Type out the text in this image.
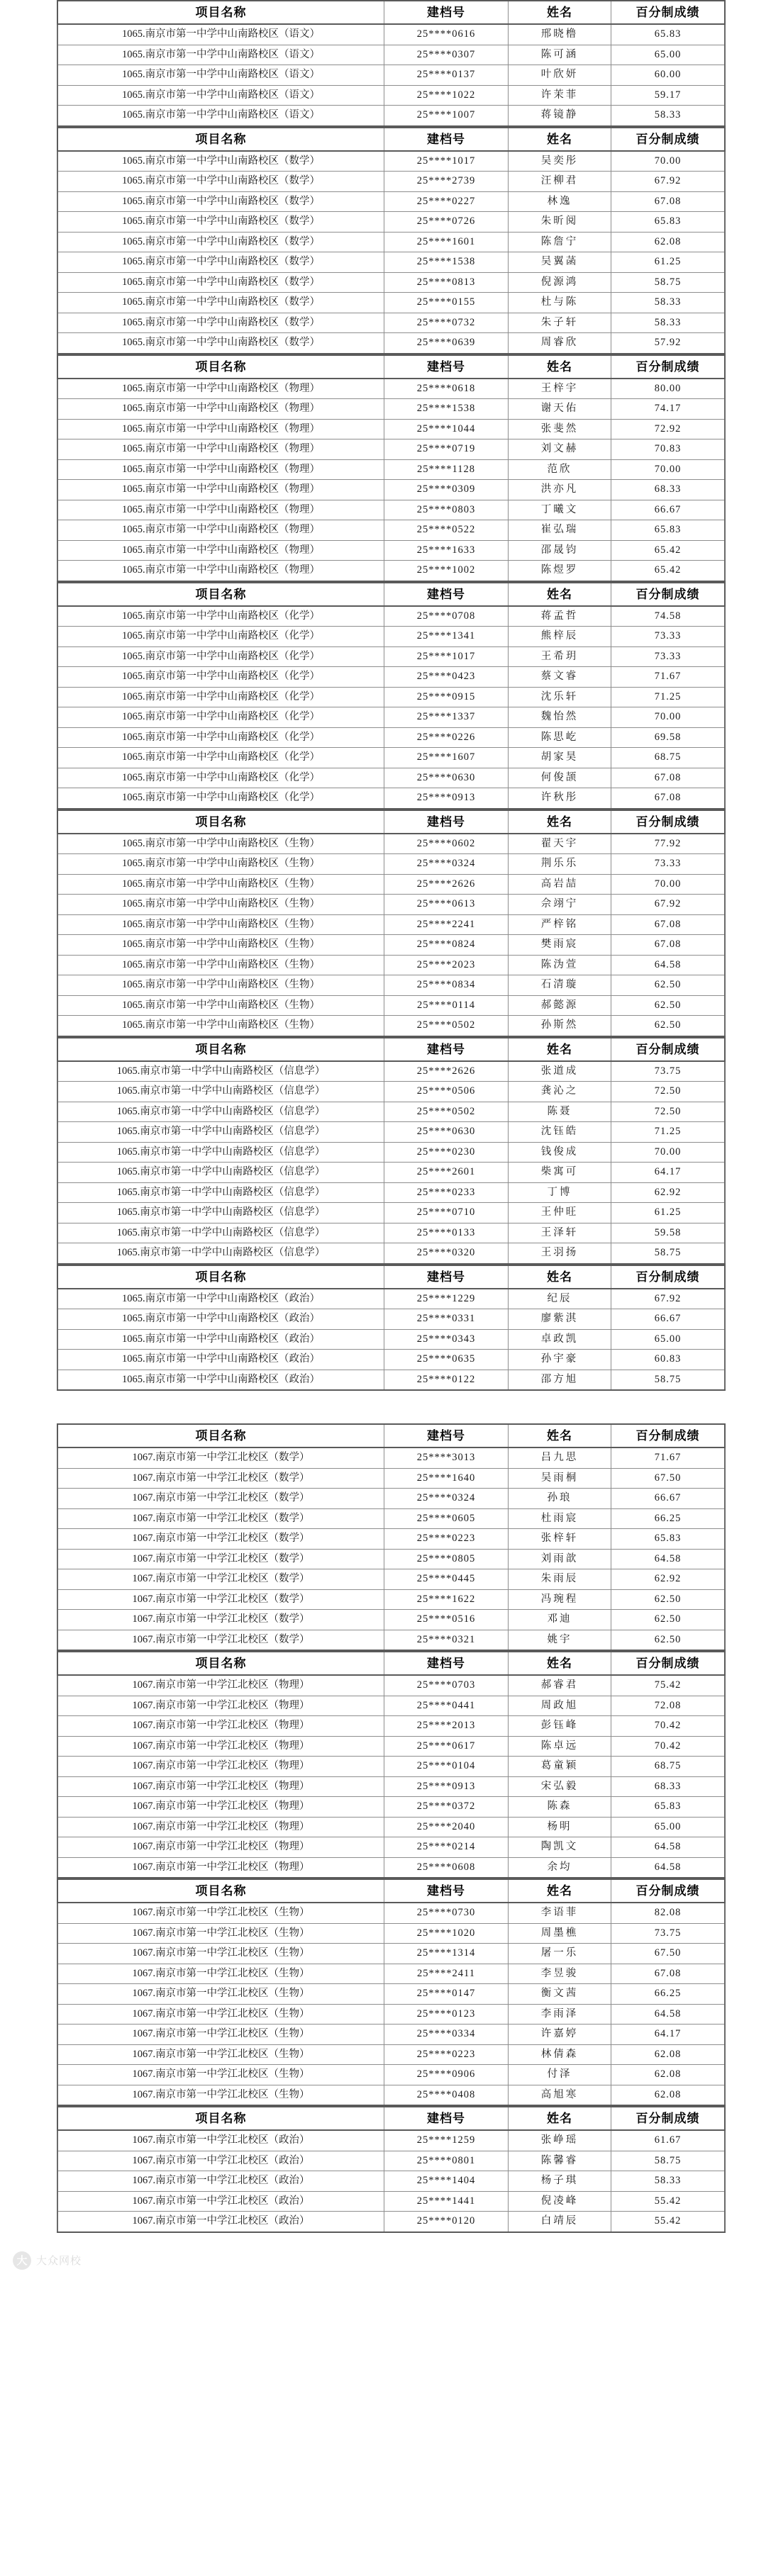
项目名称	建档号	姓名	百分制成绩
1065.南京市第一中学中山南路校区（语文）	25****0616	邢晓橹	65.83
1065.南京市第一中学中山南路校区（语文）	25****0307	陈可涵	65.00
1065.南京市第一中学中山南路校区（语文）	25****0137	叶欣妍	60.00
1065.南京市第一中学中山南路校区（语文）	25****1022	许茉菲	59.17
1065.南京市第一中学中山南路校区（语文）	25****1007	蒋镜静	58.33
项目名称	建档号	姓名	百分制成绩
1065.南京市第一中学中山南路校区（数学）	25****1017	吴奕彤	70.00
1065.南京市第一中学中山南路校区（数学）	25****2739	汪柳君	67.92
1065.南京市第一中学中山南路校区（数学）	25****0227	林逸	67.08
1065.南京市第一中学中山南路校区（数学）	25****0726	朱昕阅	65.83
1065.南京市第一中学中山南路校区（数学）	25****1601	陈詹宁	62.08
1065.南京市第一中学中山南路校区（数学）	25****1538	吴翼菡	61.25
1065.南京市第一中学中山南路校区（数学）	25****0813	倪源鸿	58.75
1065.南京市第一中学中山南路校区（数学）	25****0155	杜与陈	58.33
1065.南京市第一中学中山南路校区（数学）	25****0732	朱子轩	58.33
1065.南京市第一中学中山南路校区（数学）	25****0639	周睿欣	57.92
项目名称	建档号	姓名	百分制成绩
1065.南京市第一中学中山南路校区（物理）	25****0618	王梓宇	80.00
1065.南京市第一中学中山南路校区（物理）	25****1538	谢天佑	74.17
1065.南京市第一中学中山南路校区（物理）	25****1044	张斐然	72.92
1065.南京市第一中学中山南路校区（物理）	25****0719	刘文赫	70.83
1065.南京市第一中学中山南路校区（物理）	25****1128	范欣	70.00
1065.南京市第一中学中山南路校区（物理）	25****0309	洪亦凡	68.33
1065.南京市第一中学中山南路校区（物理）	25****0803	丁曦文	66.67
1065.南京市第一中学中山南路校区（物理）	25****0522	崔弘瑞	65.83
1065.南京市第一中学中山南路校区（物理）	25****1633	邵晟钧	65.42
1065.南京市第一中学中山南路校区（物理）	25****1002	陈煜罗	65.42
项目名称	建档号	姓名	百分制成绩
1065.南京市第一中学中山南路校区（化学）	25****0708	蒋孟哲	74.58
1065.南京市第一中学中山南路校区（化学）	25****1341	熊梓辰	73.33
1065.南京市第一中学中山南路校区（化学）	25****1017	王希玥	73.33
1065.南京市第一中学中山南路校区（化学）	25****0423	蔡文睿	71.67
1065.南京市第一中学中山南路校区（化学）	25****0915	沈乐轩	71.25
1065.南京市第一中学中山南路校区（化学）	25****1337	魏怡然	70.00
1065.南京市第一中学中山南路校区（化学）	25****0226	陈思屹	69.58
1065.南京市第一中学中山南路校区（化学）	25****1607	胡家昊	68.75
1065.南京市第一中学中山南路校区（化学）	25****0630	何俊颉	67.08
1065.南京市第一中学中山南路校区（化学）	25****0913	许秋彤	67.08
项目名称	建档号	姓名	百分制成绩
1065.南京市第一中学中山南路校区（生物）	25****0602	翟天宇	77.92
1065.南京市第一中学中山南路校区（生物）	25****0324	荆乐乐	73.33
1065.南京市第一中学中山南路校区（生物）	25****2626	高岩喆	70.00
1065.南京市第一中学中山南路校区（生物）	25****0613	佘翊宁	67.92
1065.南京市第一中学中山南路校区（生物）	25****2241	严梓铭	67.08
1065.南京市第一中学中山南路校区（生物）	25****0824	樊雨宸	67.08
1065.南京市第一中学中山南路校区（生物）	25****2023	陈沩萱	64.58
1065.南京市第一中学中山南路校区（生物）	25****0834	石清璇	62.50
1065.南京市第一中学中山南路校区（生物）	25****0114	郝懿源	62.50
1065.南京市第一中学中山南路校区（生物）	25****0502	孙斯然	62.50
项目名称	建档号	姓名	百分制成绩
1065.南京市第一中学中山南路校区（信息学）	25****2626	张道成	73.75
1065.南京市第一中学中山南路校区（信息学）	25****0506	龚沁之	72.50
1065.南京市第一中学中山南路校区（信息学）	25****0502	陈聂	72.50
1065.南京市第一中学中山南路校区（信息学）	25****0630	沈钰皓	71.25
1065.南京市第一中学中山南路校区（信息学）	25****0230	钱俊成	70.00
1065.南京市第一中学中山南路校区（信息学）	25****2601	柴寓可	64.17
1065.南京市第一中学中山南路校区（信息学）	25****0233	丁博	62.92
1065.南京市第一中学中山南路校区（信息学）	25****0710	王仲旺	61.25
1065.南京市第一中学中山南路校区（信息学）	25****0133	王泽轩	59.58
1065.南京市第一中学中山南路校区（信息学）	25****0320	王羽扬	58.75
项目名称	建档号	姓名	百分制成绩
1065.南京市第一中学中山南路校区（政治）	25****1229	纪辰	67.92
1065.南京市第一中学中山南路校区（政治）	25****0331	廖紫淇	66.67
1065.南京市第一中学中山南路校区（政治）	25****0343	卓政凯	65.00
1065.南京市第一中学中山南路校区（政治）	25****0635	孙宇豪	60.83
1065.南京市第一中学中山南路校区（政治）	25****0122	邵方旭	58.75
项目名称	建档号	姓名	百分制成绩
1067.南京市第一中学江北校区（数学）	25****3013	吕九思	71.67
1067.南京市第一中学江北校区（数学）	25****1640	吴雨桐	67.50
1067.南京市第一中学江北校区（数学）	25****0324	孙琅	66.67
1067.南京市第一中学江北校区（数学）	25****0605	杜雨宸	66.25
1067.南京市第一中学江北校区（数学）	25****0223	张梓轩	65.83
1067.南京市第一中学江北校区（数学）	25****0805	刘雨歆	64.58
1067.南京市第一中学江北校区（数学）	25****0445	朱雨辰	62.92
1067.南京市第一中学江北校区（数学）	25****1622	冯琬程	62.50
1067.南京市第一中学江北校区（数学）	25****0516	邓迪	62.50
1067.南京市第一中学江北校区（数学）	25****0321	姚宇	62.50
项目名称	建档号	姓名	百分制成绩
1067.南京市第一中学江北校区（物理）	25****0703	郝睿君	75.42
1067.南京市第一中学江北校区（物理）	25****0441	周政旭	72.08
1067.南京市第一中学江北校区（物理）	25****2013	彭钰峰	70.42
1067.南京市第一中学江北校区（物理）	25****0617	陈卓远	70.42
1067.南京市第一中学江北校区（物理）	25****0104	葛童颖	68.75
1067.南京市第一中学江北校区（物理）	25****0913	宋弘毅	68.33
1067.南京市第一中学江北校区（物理）	25****0372	陈森	65.83
1067.南京市第一中学江北校区（物理）	25****2040	杨明	65.00
1067.南京市第一中学江北校区（物理）	25****0214	陶凯文	64.58
1067.南京市第一中学江北校区（物理）	25****0608	余均	64.58
项目名称	建档号	姓名	百分制成绩
1067.南京市第一中学江北校区（生物）	25****0730	李语菲	82.08
1067.南京市第一中学江北校区（生物）	25****1020	周墨樵	73.75
1067.南京市第一中学江北校区（生物）	25****1314	屠一乐	67.50
1067.南京市第一中学江北校区（生物）	25****2411	李昱骏	67.08
1067.南京市第一中学江北校区（生物）	25****0147	衡文茜	66.25
1067.南京市第一中学江北校区（生物）	25****0123	李雨泽	64.58
1067.南京市第一中学江北校区（生物）	25****0334	许嘉婷	64.17
1067.南京市第一中学江北校区（生物）	25****0223	林倩森	62.08
1067.南京市第一中学江北校区（生物）	25****0906	付泽	62.08
1067.南京市第一中学江北校区（生物）	25****0408	高旭寒	62.08
项目名称	建档号	姓名	百分制成绩
1067.南京市第一中学江北校区（政治）	25****1259	张峥瑶	61.67
1067.南京市第一中学江北校区（政治）	25****0801	陈馨睿	58.75
1067.南京市第一中学江北校区（政治）	25****1404	杨子琪	58.33
1067.南京市第一中学江北校区（政治）	25****1441	倪凌峰	55.42
1067.南京市第一中学江北校区（政治）	25****0120	白靖辰	55.42
大 大众网校
